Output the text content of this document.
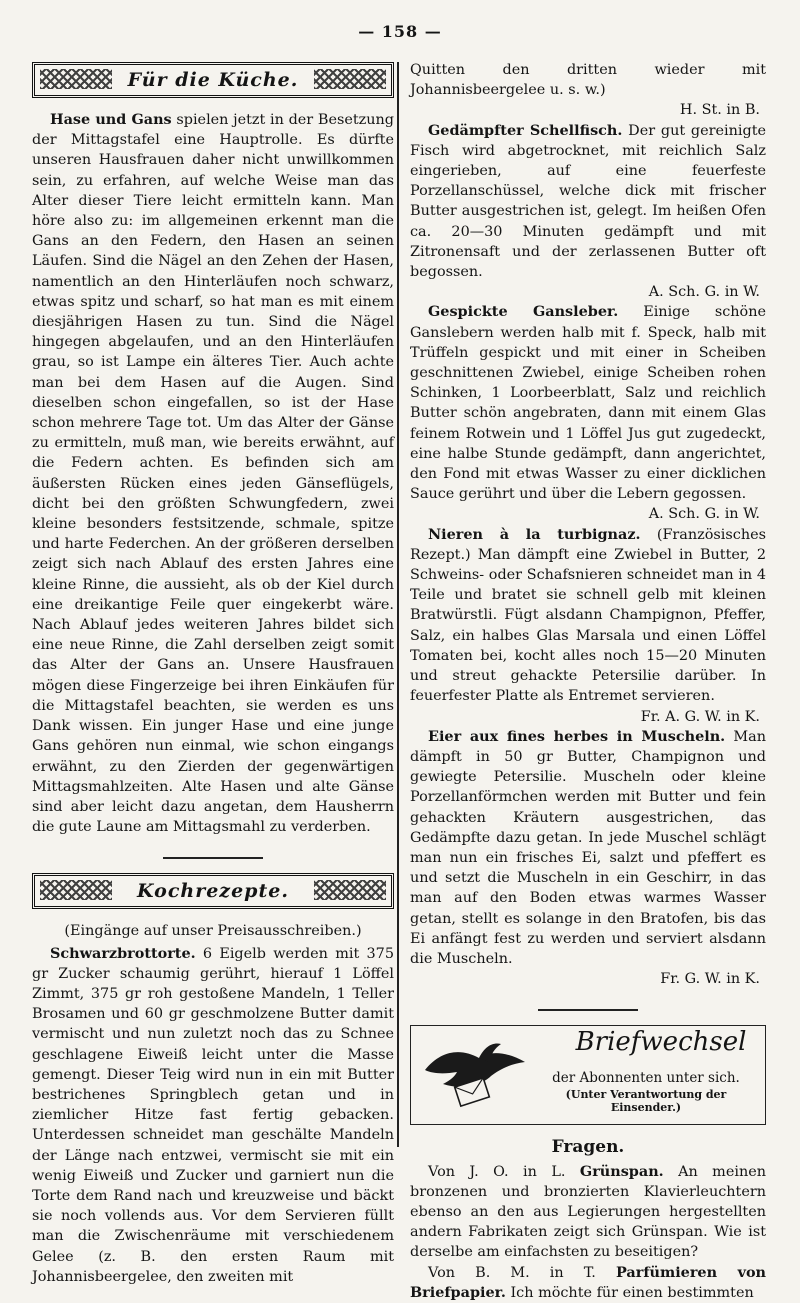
— 158 —
Für die Küche.

Hase und Gans spielen jetzt in der Besetzung der Mittagstafel eine Hauptrolle. Es dürfte unseren Hausfrauen daher nicht unwillkommen sein, zu erfahren, auf welche Weise man das Alter dieser Tiere leicht ermitteln kann. Man höre also zu: im allgemeinen erkennt man die Gans an den Federn, den Hasen an seinen Läufen. Sind die Nägel an den Zehen der Hasen, namentlich an den Hinterläufen noch schwarz, etwas spitz und scharf, so hat man es mit einem diesjährigen Hasen zu tun. Sind die Nägel hingegen abgelaufen, und an den Hinterläufen grau, so ist Lampe ein älteres Tier. Auch achte man bei dem Hasen auf die Augen. Sind dieselben schon eingefallen, so ist der Hase schon mehrere Tage tot. Um das Alter der Gänse zu ermitteln, muß man, wie bereits erwähnt, auf die Federn achten. Es befinden sich am äußersten Rücken eines jeden Gänseflügels, dicht bei den größten Schwungfedern, zwei kleine besonders festsitzende, schmale, spitze und harte Federchen. An der größeren derselben zeigt sich nach Ablauf des ersten Jahres eine kleine Rinne, die aussieht, als ob der Kiel durch eine dreikantige Feile quer eingekerbt wäre. Nach Ablauf jedes weiteren Jahres bildet sich eine neue Rinne, die Zahl derselben zeigt somit das Alter der Gans an. Unsere Hausfrauen mögen diese Fingerzeige bei ihren Einkäufen für die Mittagstafel beachten, sie werden es uns Dank wissen. Ein junger Hase und eine junge Gans gehören nun einmal, wie schon eingangs erwähnt, zu den Zierden der gegenwärtigen Mittagsmahlzeiten. Alte Hasen und alte Gänse sind aber leicht dazu angetan, dem Hausherrn die gute Laune am Mittagsmahl zu verderben.

Kochrezepte.
(Eingänge auf unser Preisausschreiben.)

Schwarzbrottorte. 6 Eigelb werden mit 375 gr Zucker schaumig gerührt, hierauf 1 Löffel Zimmt, 375 gr roh gestoßene Mandeln, 1 Teller Brosamen und 60 gr geschmolzene Butter damit vermischt und nun zuletzt noch das zu Schnee geschlagene Eiweiß leicht unter die Masse gemengt. Dieser Teig wird nun in ein mit Butter bestrichenes Springblech getan und in ziemlicher Hitze fast fertig gebacken. Unterdessen schneidet man geschälte Mandeln der Länge nach entzwei, vermischt sie mit ein wenig Eiweiß und Zucker und garniert nun die Torte dem Rand nach und kreuzweise und bäckt sie noch vollends aus. Vor dem Servieren füllt man die Zwischenräume mit verschiedenem Gelee (z. B. den ersten Raum mit Johannisbeergelee, den zweiten mit

Quitten den dritten wieder mit Johannisbeergelee u. s. w.)

H. St. in B.

Gedämpfter Schellfisch. Der gut gereinigte Fisch wird abgetrocknet, mit reichlich Salz eingerieben, auf eine feuerfeste Porzellanschüssel, welche dick mit frischer Butter ausgestrichen ist, gelegt. Im heißen Ofen ca. 20—30 Minuten gedämpft und mit Zitronensaft und der zerlassenen Butter oft begossen.

A. Sch. G. in W.

Gespickte Gansleber. Einige schöne Ganslebern werden halb mit f. Speck, halb mit Trüffeln gespickt und mit einer in Scheiben geschnittenen Zwiebel, einige Scheiben rohen Schinken, 1 Loorbeerblatt, Salz und reichlich Butter schön angebraten, dann mit einem Glas feinem Rotwein und 1 Löffel Jus gut zugedeckt, eine halbe Stunde gedämpft, dann angerichtet, den Fond mit etwas Wasser zu einer dicklichen Sauce gerührt und über die Lebern gegossen.

A. Sch. G. in W.

Nieren à la turbignaz. (Französisches Rezept.) Man dämpft eine Zwiebel in Butter, 2 Schweins- oder Schafsnieren schneidet man in 4 Teile und bratet sie schnell gelb mit kleinen Bratwürstli. Fügt alsdann Champignon, Pfeffer, Salz, ein halbes Glas Marsala und einen Löffel Tomaten bei, kocht alles noch 15—20 Minuten und streut gehackte Petersilie darüber. In feuerfester Platte als Entremet servieren.

Fr. A. G. W. in K.

Eier aux fines herbes in Muscheln. Man dämpft in 50 gr Butter, Champignon und gewiegte Petersilie. Muscheln oder kleine Porzellanförmchen werden mit Butter und fein gehackten Kräutern ausgestrichen, das Gedämpfte dazu getan. In jede Muschel schlägt man nun ein frisches Ei, salzt und pfeffert es und setzt die Muscheln in ein Geschirr, in das man auf den Boden etwas warmes Wasser getan, stellt es solange in den Bratofen, bis das Ei anfängt fest zu werden und serviert alsdann die Muscheln.

Fr. G. W. in K.
Briefwechsel
der Abonnenten unter sich.
(Unter Verantwortung der Einsender.)
Fragen.

Von J. O. in L. Grünspan. An meinen bronzenen und bronzierten Klavierleuchtern ebenso an den aus Legierungen hergestellten andern Fabrikaten zeigt sich Grünspan. Wie ist derselbe am einfachsten zu beseitigen?

Von B. M. in T. Parfümieren von Briefpapier. Ich möchte für einen bestimmten
